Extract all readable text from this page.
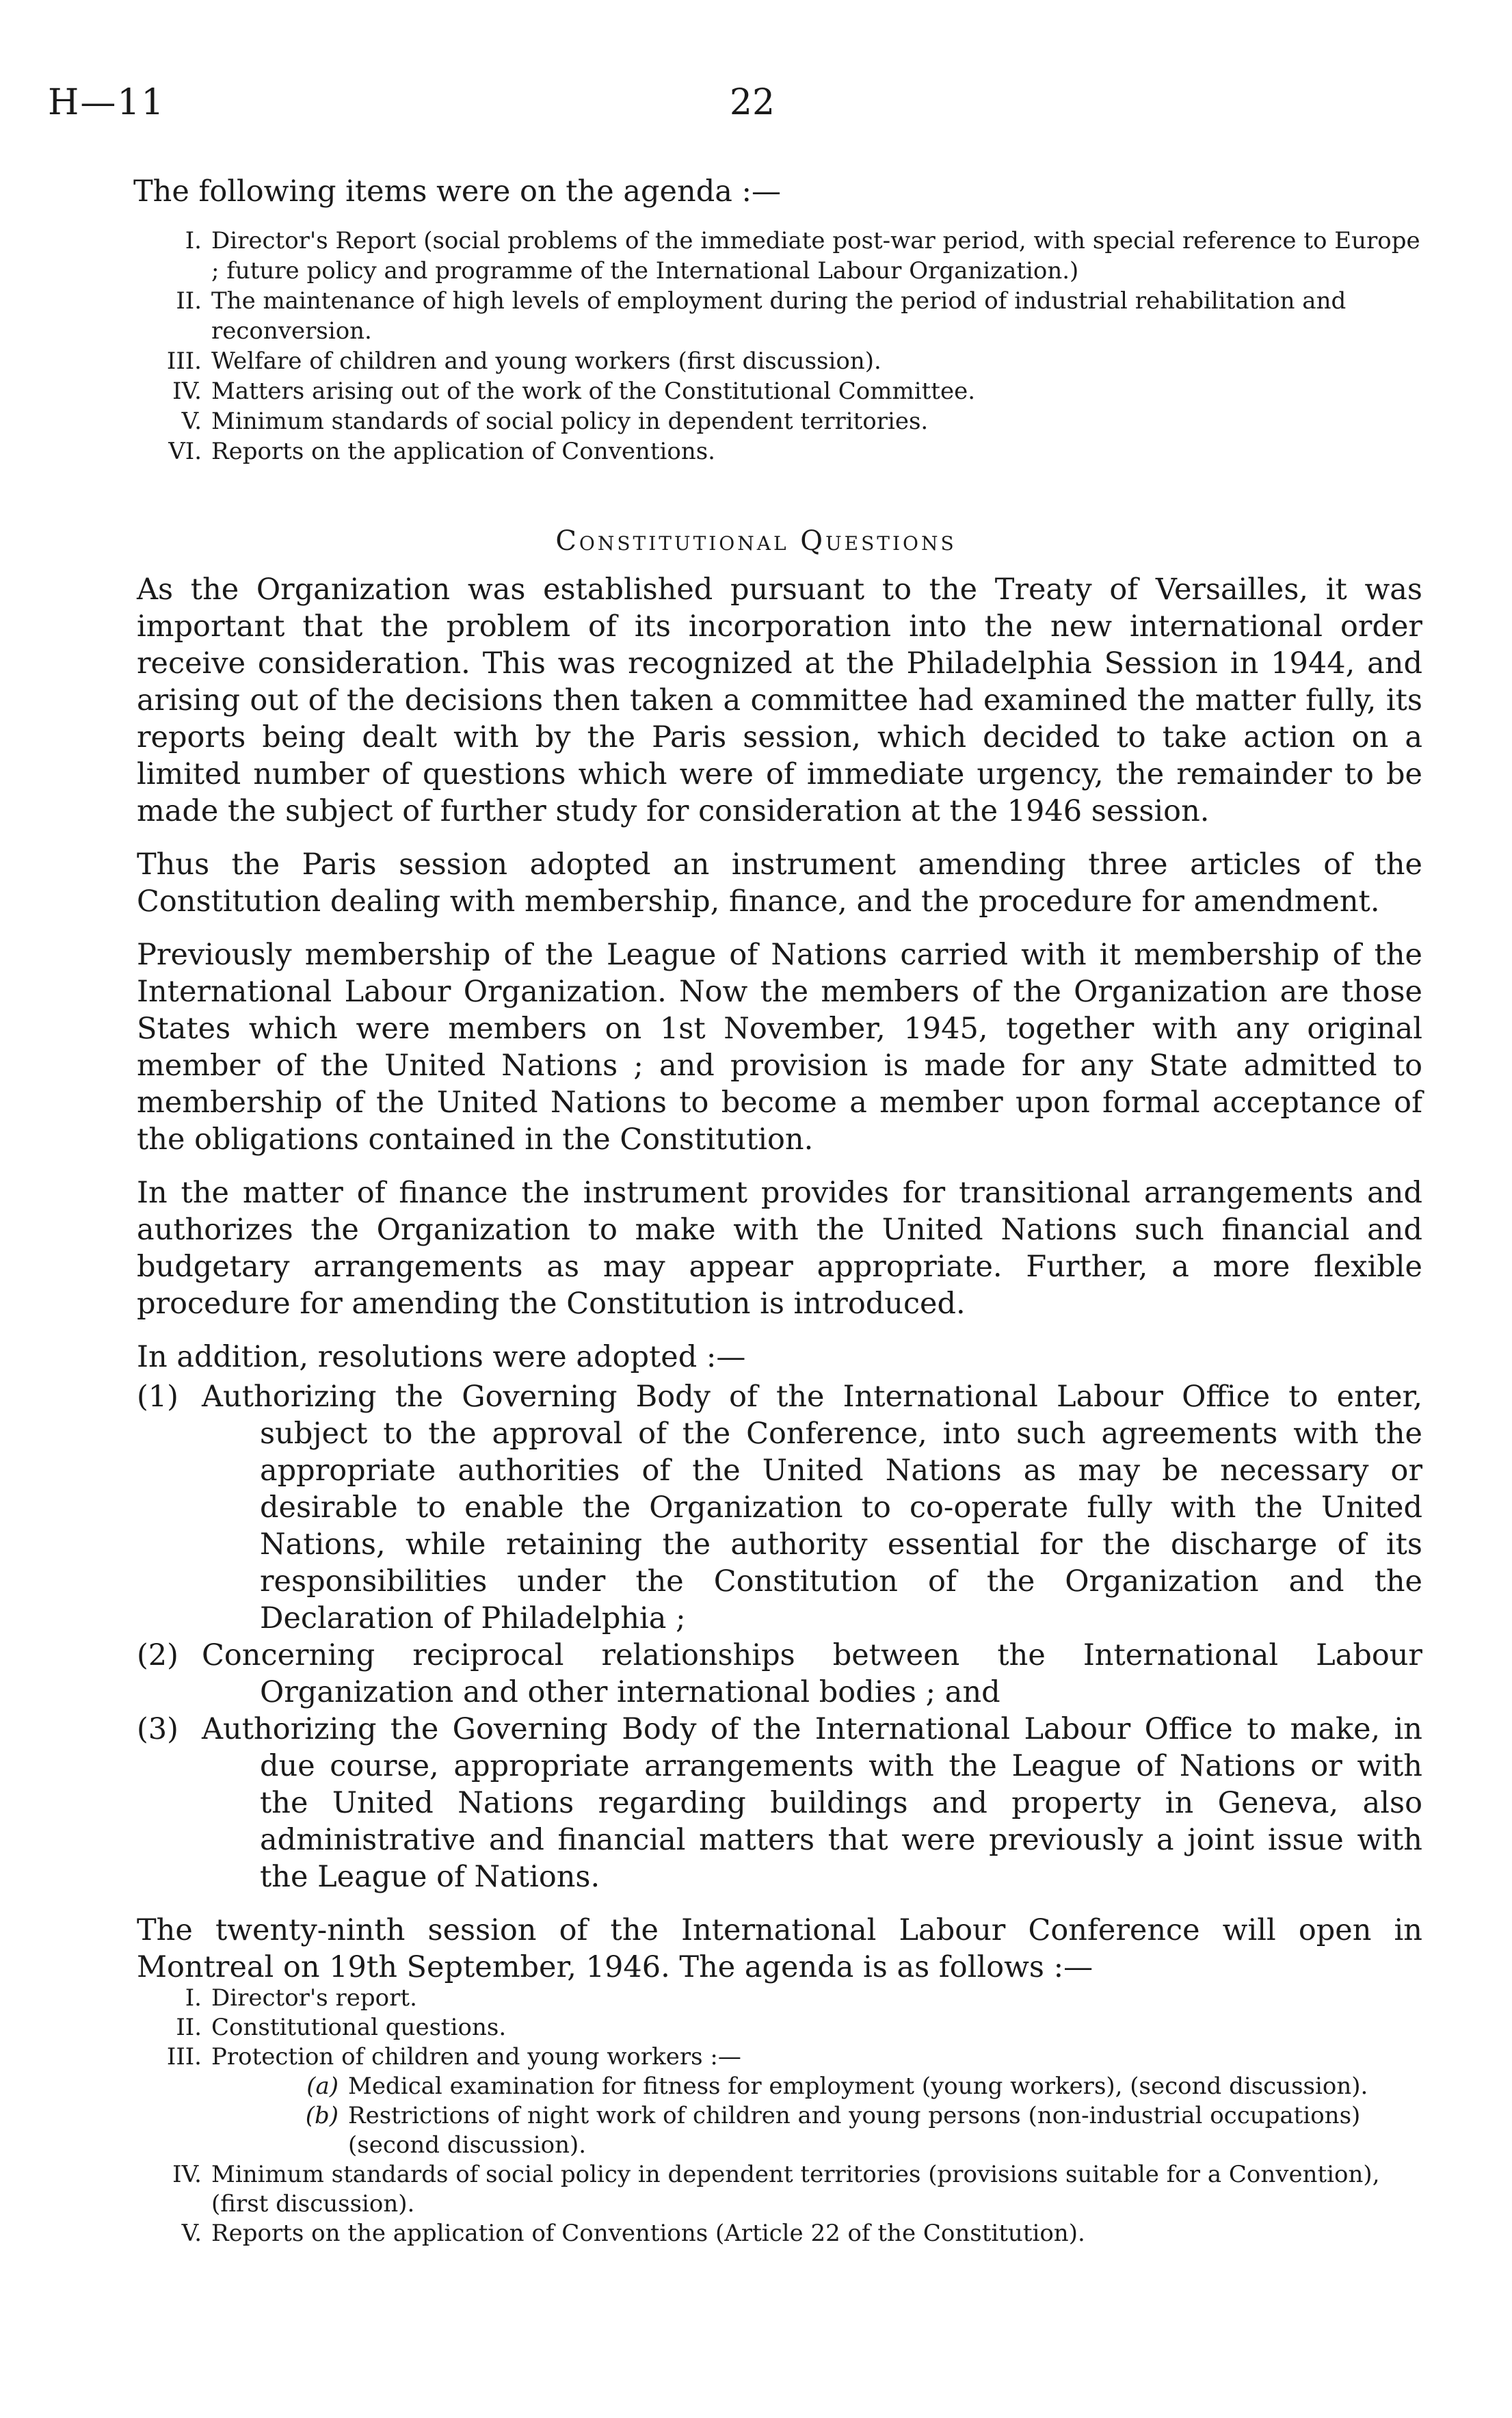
H—11	22
The following items were on the agenda :—
I. Director's Report (social problems of the immediate post-war period, with special reference to Europe ; future policy and programme of the International Labour Organization.)
II. The maintenance of high levels of employment during the period of industrial rehabilitation and reconversion.
III. Welfare of children and young workers (first discussion).
IV. Matters arising out of the work of the Constitutional Committee.
V. Minimum standards of social policy in dependent territories.
VI. Reports on the application of Conventions.
Constitutional Questions

As the Organization was established pursuant to the Treaty of Versailles, it was important that the problem of its incorporation into the new international order receive consideration. This was recognized at the Philadelphia Session in 1944, and arising out of the decisions then taken a committee had examined the matter fully, its reports being dealt with by the Paris session, which decided to take action on a limited number of questions which were of immediate urgency, the remainder to be made the subject of further study for consideration at the 1946 session.

Thus the Paris session adopted an instrument amending three articles of the Constitution dealing with membership, finance, and the procedure for amendment.

Previously membership of the League of Nations carried with it membership of the International Labour Organization. Now the members of the Organization are those States which were members on 1st November, 1945, together with any original member of the United Nations ; and provision is made for any State admitted to membership of the United Nations to become a member upon formal acceptance of the obligations contained in the Constitution.

In the matter of finance the instrument provides for transitional arrangements and authorizes the Organization to make with the United Nations such financial and budgetary arrangements as may appear appropriate. Further, a more flexible procedure for amending the Constitution is introduced.

In addition, resolutions were adopted :—

(1) Authorizing the Governing Body of the International Labour Office to enter, subject to the approval of the Conference, into such agreements with the appropriate authorities of the United Nations as may be necessary or desirable to enable the Organization to co-operate fully with the United Nations, while retaining the authority essential for the discharge of its responsibilities under the Constitution of the Organization and the Declaration of Philadelphia ;
(2) Concerning reciprocal relationships between the International Labour Organization and other international bodies ; and
(3) Authorizing the Governing Body of the International Labour Office to make, in due course, appropriate arrangements with the League of Nations or with the United Nations regarding buildings and property in Geneva, also administrative and financial matters that were previously a joint issue with the League of Nations.

The twenty-ninth session of the International Labour Conference will open in Montreal on 19th September, 1946. The agenda is as follows :—

I. Director's report.
II. Constitutional questions.
III. Protection of children and young workers :—
(a) Medical examination for fitness for employment (young workers), (second discussion).
(b) Restrictions of night work of children and young persons (non-industrial occupations) (second discussion).
IV. Minimum standards of social policy in dependent territories (provisions suitable for a Convention), (first discussion).
V. Reports on the application of Conventions (Article 22 of the Constitution).
